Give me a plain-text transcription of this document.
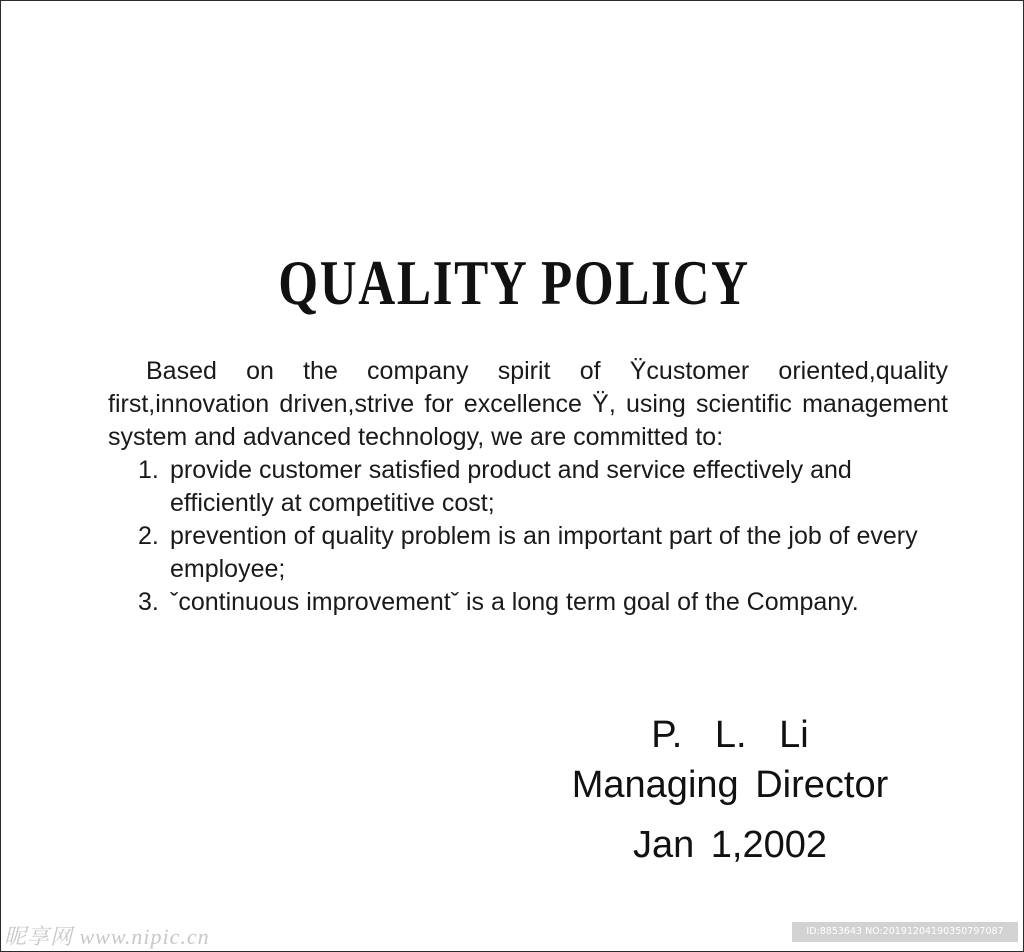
QUALITY POLICY

Based on the company spirit of Ÿcustomer oriented,quality first,innovation driven,strive for excellence Ÿ, using scientific management system and advanced technology, we are committed to:

1. provide customer satisfied product and service effectively and efficiently at competitive cost;
2. prevention of quality problem is an important part of the job of every employee;
3. ˇcontinuous improvementˇ is a long term goal of the Company.
P. L. Li
Managing Director
Jan 1,2002
昵享网 www.nipic.cn	ID:8853643 NO:20191204190350797087
